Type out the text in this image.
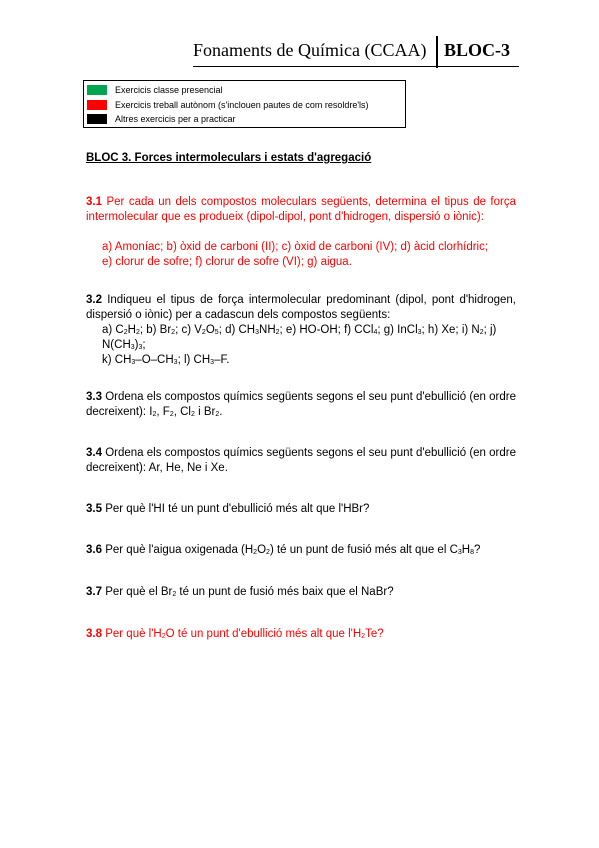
Fonaments de Química (CCAA) BLOC-3
Exercicis classe presencial
Exercicis treball autònom (s'inclouen pautes de com resoldre'ls)
Altres exercicis per a practicar
BLOC 3. Forces intermoleculars i estats d'agregació
3.1 Per cada un dels compostos moleculars següents, determina el tipus de força intermolecular que es produeix (dipol-dipol, pont d'hidrogen, dispersió o iònic):
a) Amoníac; b) òxid de carboni (II); c) òxid de carboni (IV); d) àcid clorhídric;
e) clorur de sofre; f) clorur de sofre (VI); g) aigua.
3.2 Indiqueu el tipus de força intermolecular predominant (dipol, pont d'hidrogen, dispersió o iònic) per a cadascun dels compostos següents:
a) $C_2H_2$; b) $Br_2$; c) $V_2O_5$; d) $CH_3NH_2$; e) HO-OH; f) CCl$_4$; g) InCl$_3$; h) Xe; i) $N_2$; j) $N(CH_3)_3$;
k) $CH_3-O-CH_3$; l) $CH_3-F$.
3.3 Ordena els compostos químics següents segons el seu punt d'ebullició (en ordre decreixent): $I_2$, $F_2$, $Cl_2$ i $Br_2$.
3.4 Ordena els compostos químics següents segons el seu punt d'ebullició (en ordre decreixent): Ar, He, Ne i Xe.
3.5 Per què l'HI té un punt d'ebullició més alt que l'HBr?
3.6 Per què l'aigua oxigenada $(H_2O_2)$ té un punt de fusió més alt que el $C_3H_8$?
3.7 Per què el $Br_2$ té un punt de fusió més baix que el NaBr?
3.8 Per què $l'H_2O$ té un punt d'ebullició més alt que $l'H_2Te$?
